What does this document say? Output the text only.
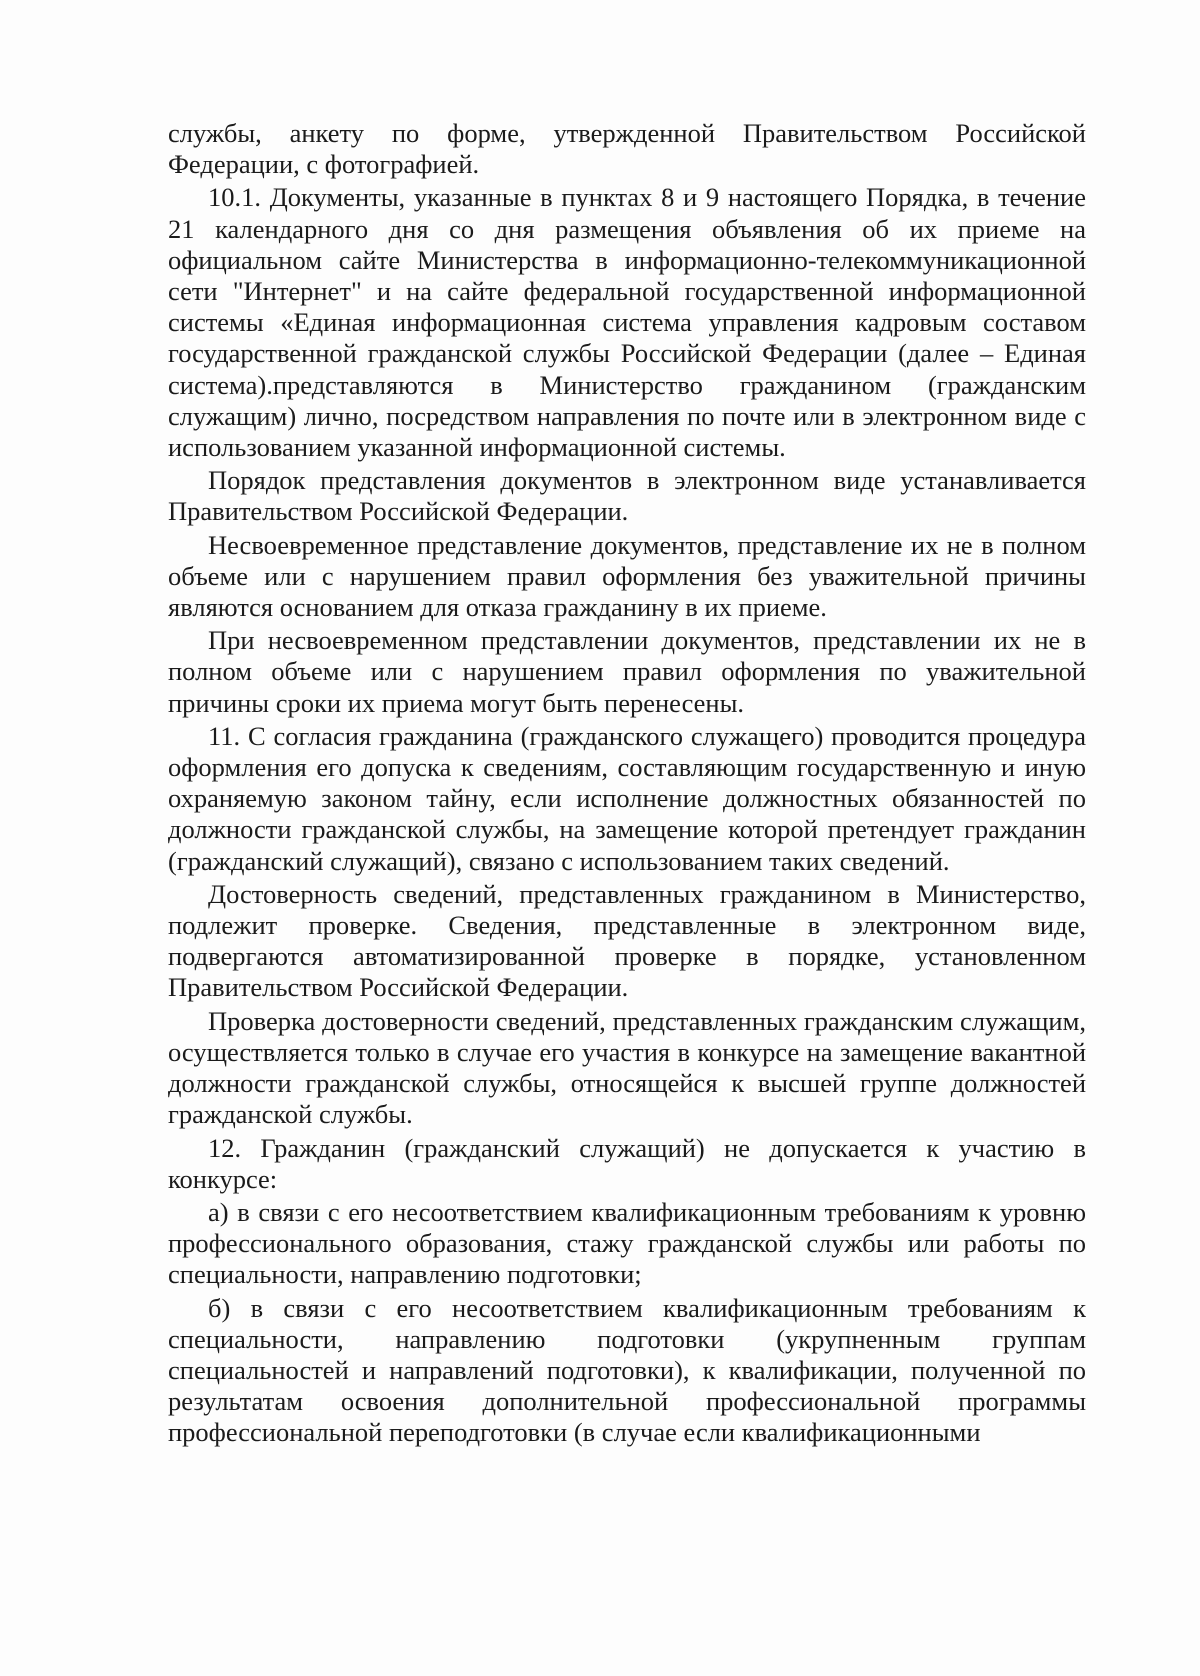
службы, анкету по форме, утвержденной Правительством Российской Федерации, с фотографией.

10.1. Документы, указанные в пунктах 8 и 9 настоящего Порядка, в течение 21 календарного дня со дня размещения объявления об их приеме на официальном сайте Министерства в информационно-телекоммуникационной сети "Интернет" и на сайте федеральной государственной информационной системы «Единая информационная система управления кадровым составом государственной гражданской службы Российской Федерации (далее – Единая система).представляются в Министерство гражданином (гражданским служащим) лично, посредством направления по почте или в электронном виде с использованием указанной информационной системы.

Порядок представления документов в электронном виде устанавливается Правительством Российской Федерации.

Несвоевременное представление документов, представление их не в полном объеме или с нарушением правил оформления без уважительной причины являются основанием для отказа гражданину в их приеме.

При несвоевременном представлении документов, представлении их не в полном объеме или с нарушением правил оформления по уважительной причины сроки их приема могут быть перенесены.

11. С согласия гражданина (гражданского служащего) проводится процедура оформления его допуска к сведениям, составляющим государственную и иную охраняемую законом тайну, если исполнение должностных обязанностей по должности гражданской службы, на замещение которой претендует гражданин (гражданский служащий), связано с использованием таких сведений.

Достоверность сведений, представленных гражданином в Министерство, подлежит проверке. Сведения, представленные в электронном виде, подвергаются автоматизированной проверке в порядке, установленном Правительством Российской Федерации.

Проверка достоверности сведений, представленных гражданским служащим, осуществляется только в случае его участия в конкурсе на замещение вакантной должности гражданской службы, относящейся к высшей группе должностей гражданской службы.

12. Гражданин (гражданский служащий) не допускается к участию в конкурсе:

а) в связи с его несоответствием квалификационным требованиям к уровню профессионального образования, стажу гражданской службы или работы по специальности, направлению подготовки;

б) в связи с его несоответствием квалификационным требованиям к специальности, направлению подготовки (укрупненным группам специальностей и направлений подготовки), к квалификации, полученной по результатам освоения дополнительной профессиональной программы профессиональной переподготовки (в случае если квалификационными
